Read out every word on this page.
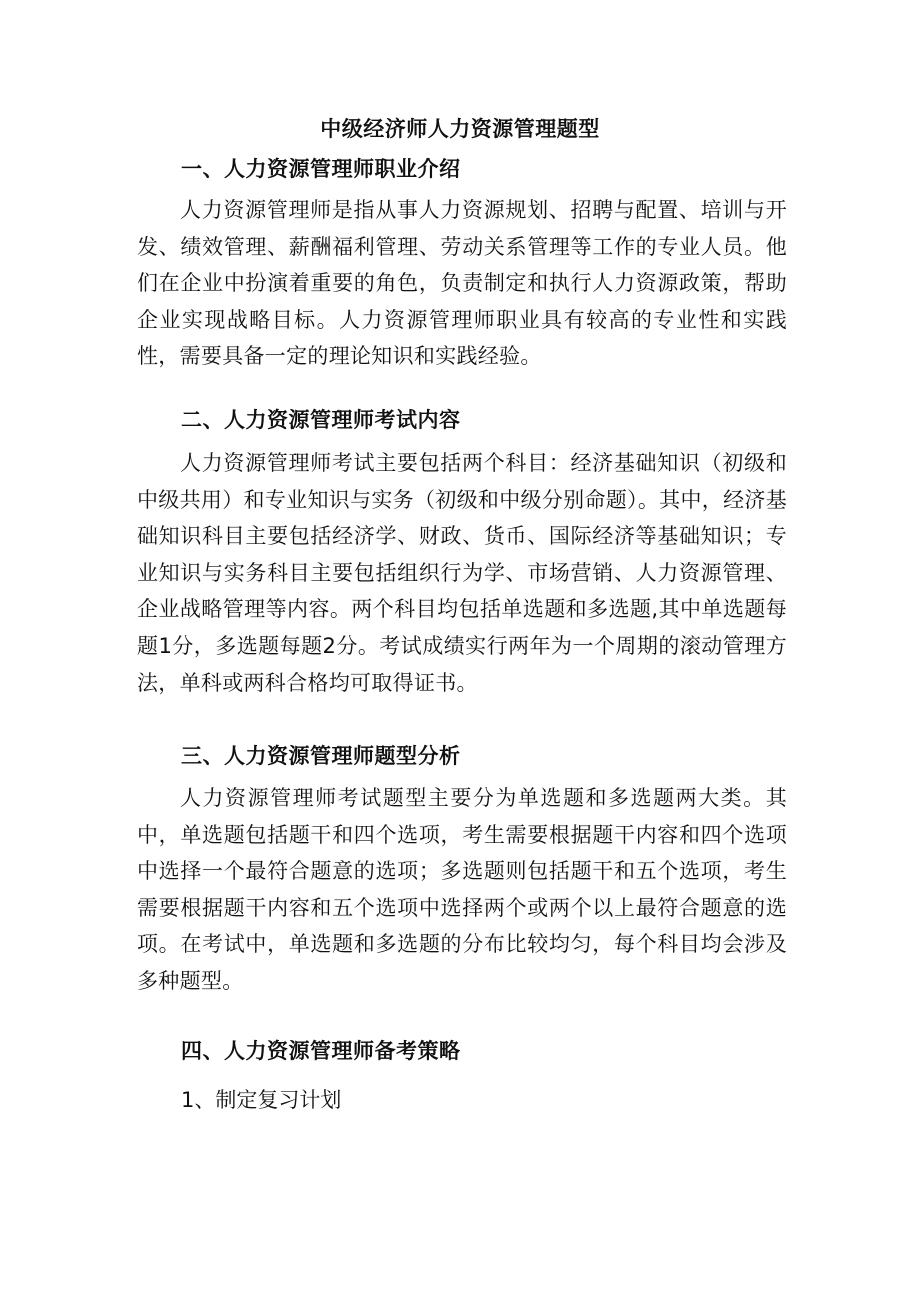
中级经济师人力资源管理题型
一、人力资源管理师职业介绍
人力资源管理师是指从事人力资源规划、招聘与配置、培训与开发、绩效管理、薪酬福利管理、劳动关系管理等工作的专业人员。他们在企业中扮演着重要的角色，负责制定和执行人力资源政策，帮助企业实现战略目标。人力资源管理师职业具有较高的专业性和实践性，需要具备一定的理论知识和实践经验。
二、人力资源管理师考试内容
人力资源管理师考试主要包括两个科目：经济基础知识（初级和中级共用）和专业知识与实务（初级和中级分别命题）。其中，经济基础知识科目主要包括经济学、财政、货币、国际经济等基础知识；专业知识与实务科目主要包括组织行为学、市场营销、人力资源管理、企业战略管理等内容。两个科目均包括单选题和多选题,其中单选题每题1分，多选题每题2分。考试成绩实行两年为一个周期的滚动管理方法，单科或两科合格均可取得证书。
三、人力资源管理师题型分析
人力资源管理师考试题型主要分为单选题和多选题两大类。其中，单选题包括题干和四个选项，考生需要根据题干内容和四个选项中选择一个最符合题意的选项；多选题则包括题干和五个选项，考生需要根据题干内容和五个选项中选择两个或两个以上最符合题意的选项。在考试中，单选题和多选题的分布比较均匀，每个科目均会涉及多种题型。
四、人力资源管理师备考策略
1、制定复习计划
